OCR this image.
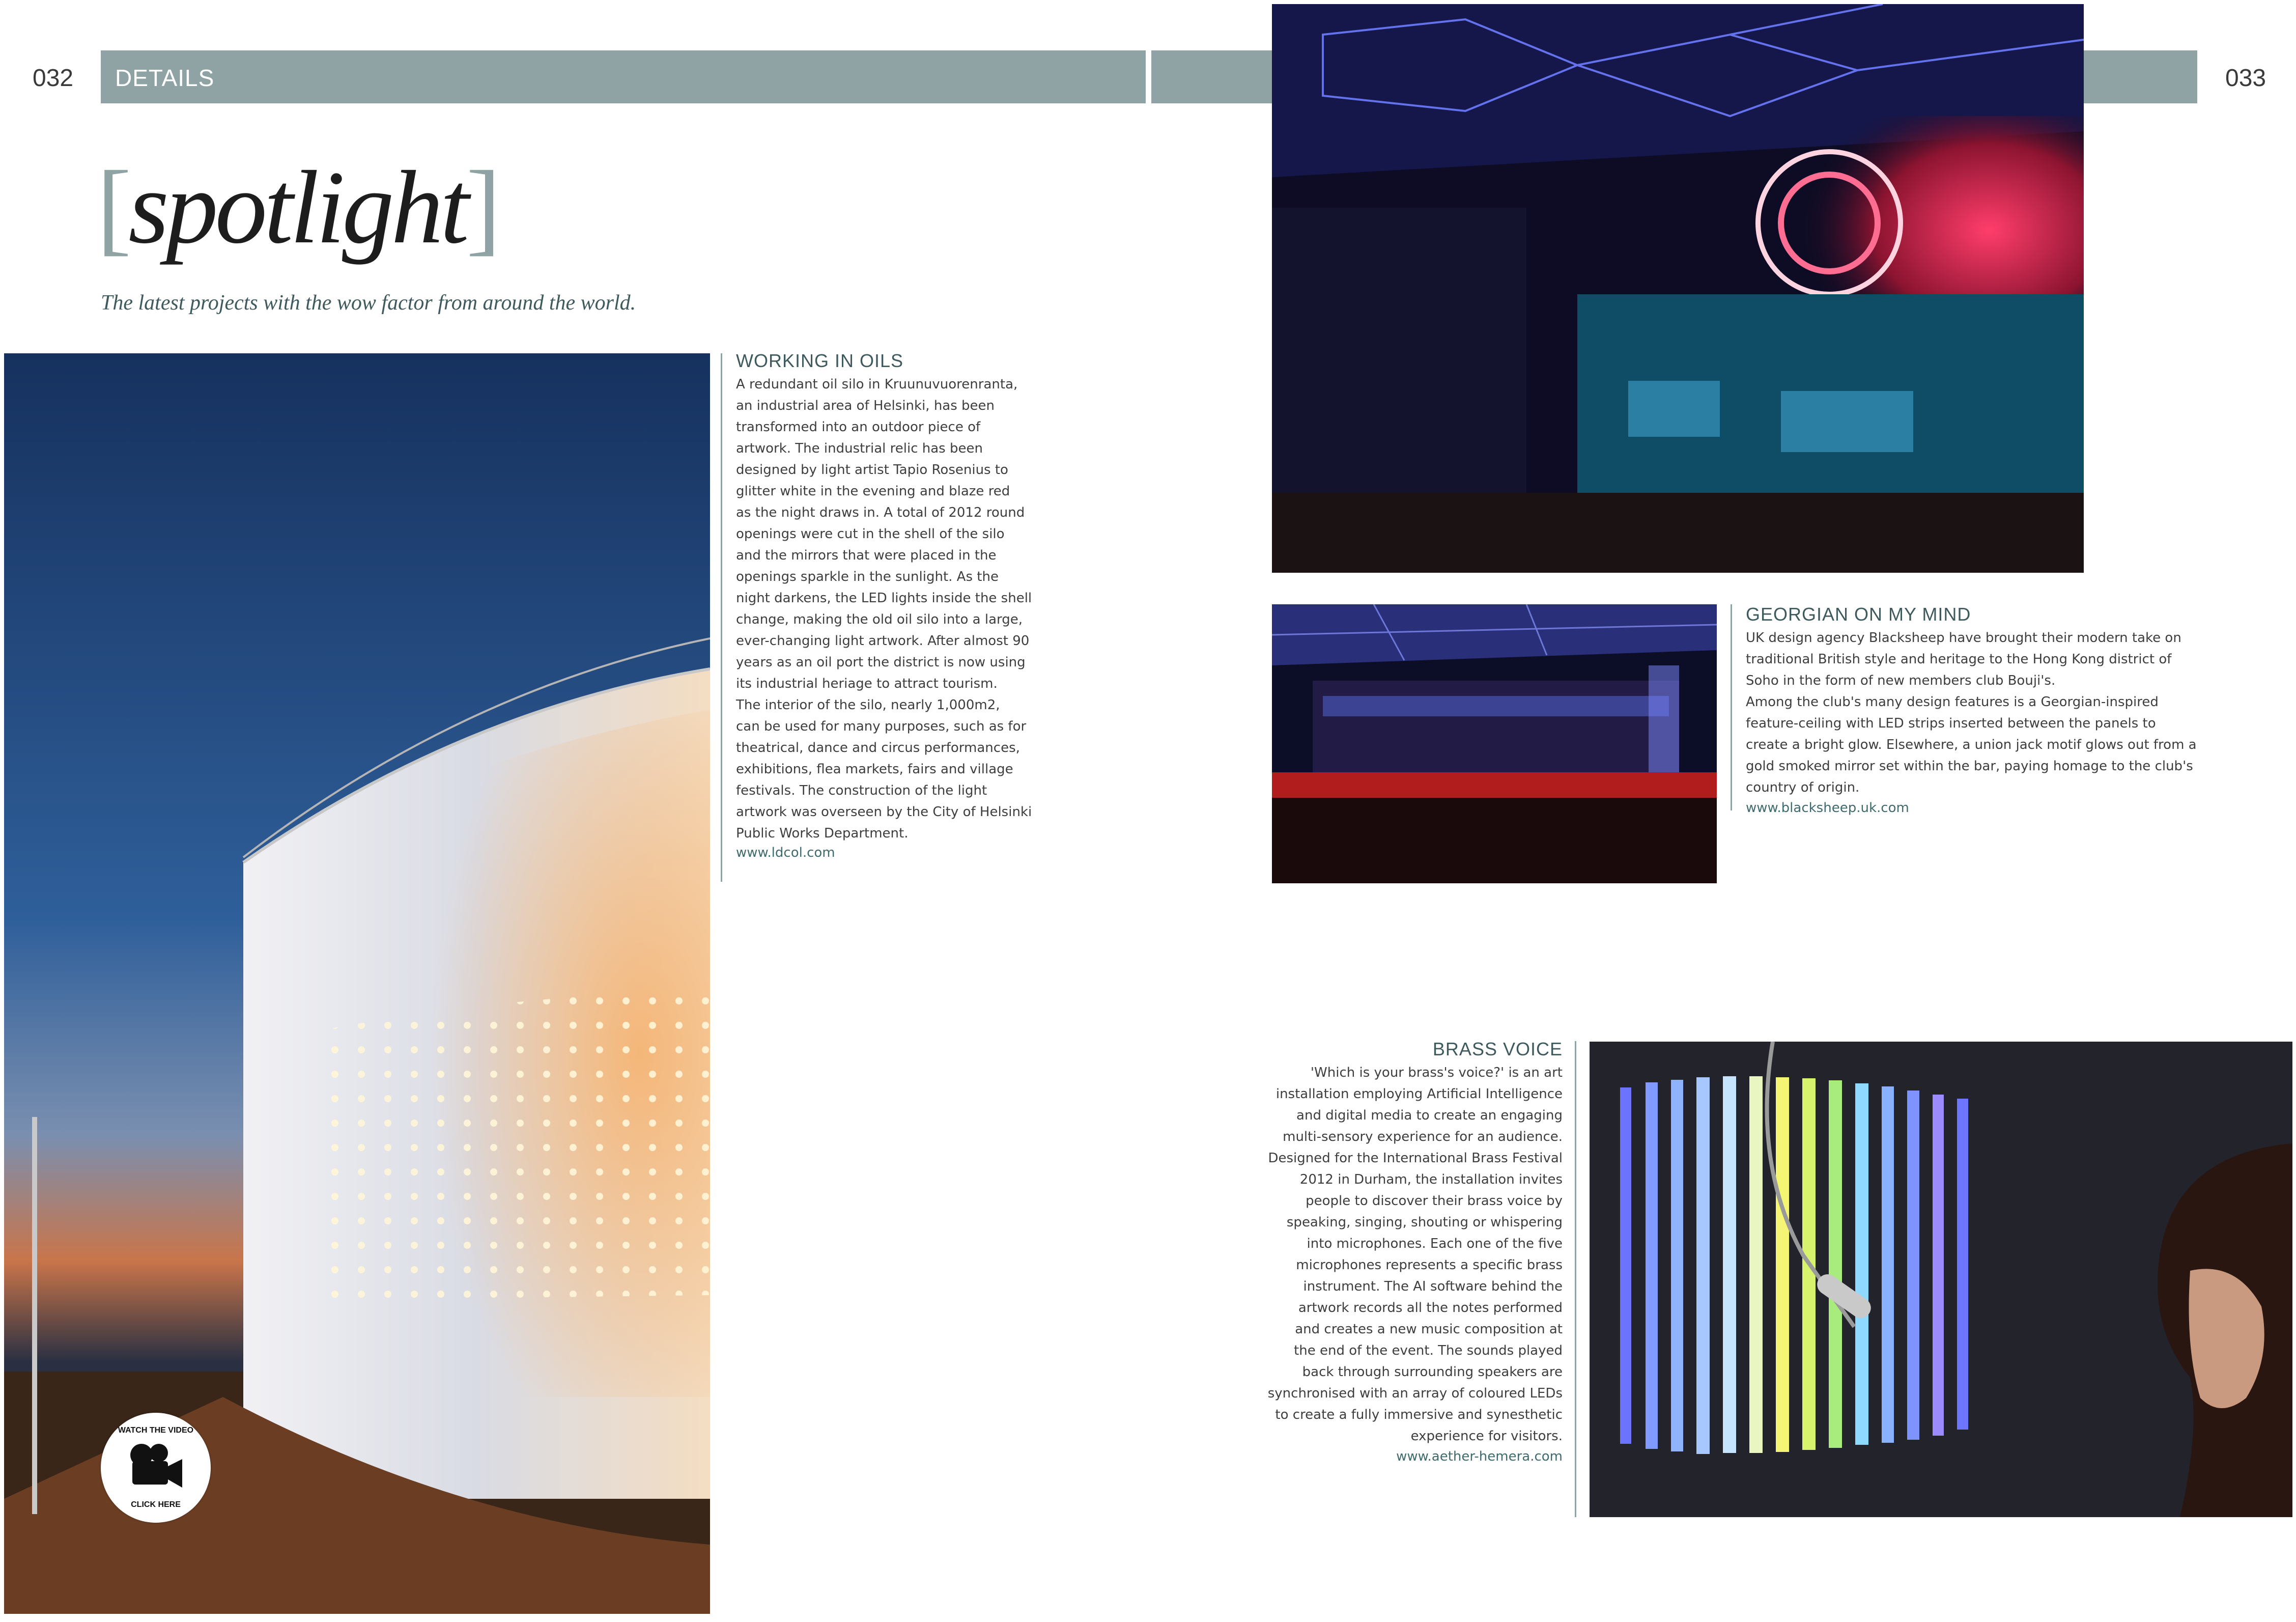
032 DETAILS	033
[spotlight]
The latest projects with the wow factor from around the world.
WATCH THE VIDEO
CLICK HERE
WORKING IN OILS
A redundant oil silo in Kruunuvuorenranta,
an industrial area of Helsinki, has been
transformed into an outdoor piece of
artwork. The industrial relic has been
designed by light artist Tapio Rosenius to
glitter white in the evening and blaze red
as the night draws in. A total of 2012 round
openings were cut in the shell of the silo
and the mirrors that were placed in the
openings sparkle in the sunlight. As the
night darkens, the LED lights inside the shell
change, making the old oil silo into a large,
ever-changing light artwork. After almost 90
years as an oil port the district is now using
its industrial heriage to attract tourism.
The interior of the silo, nearly 1,000m2,
can be used for many purposes, such as for
theatrical, dance and circus performances,
exhibitions, flea markets, fairs and village
festivals. The construction of the light
artwork was overseen by the City of Helsinki
Public Works Department.
www.ldcol.com
GEORGIAN ON MY MIND
UK design agency Blacksheep have brought their modern take on
traditional British style and heritage to the Hong Kong district of
Soho in the form of new members club Bouji's.
Among the club's many design features is a Georgian-inspired
feature-ceiling with LED strips inserted between the panels to
create a bright glow. Elsewhere, a union jack motif glows out from a
gold smoked mirror set within the bar, paying homage to the club's
country of origin.
www.blacksheep.uk.com
BRASS VOICE
'Which is your brass's voice?' is an art
installation employing Artificial Intelligence
and digital media to create an engaging
multi-sensory experience for an audience.
Designed for the International Brass Festival
2012 in Durham, the installation invites
people to discover their brass voice by
speaking, singing, shouting or whispering
into microphones. Each one of the five
microphones represents a specific brass
instrument. The AI software behind the
artwork records all the notes performed
and creates a new music composition at
the end of the event. The sounds played
back through surrounding speakers are
synchronised with an array of coloured LEDs
to create a fully immersive and synesthetic
experience for visitors.
www.aether-hemera.com
